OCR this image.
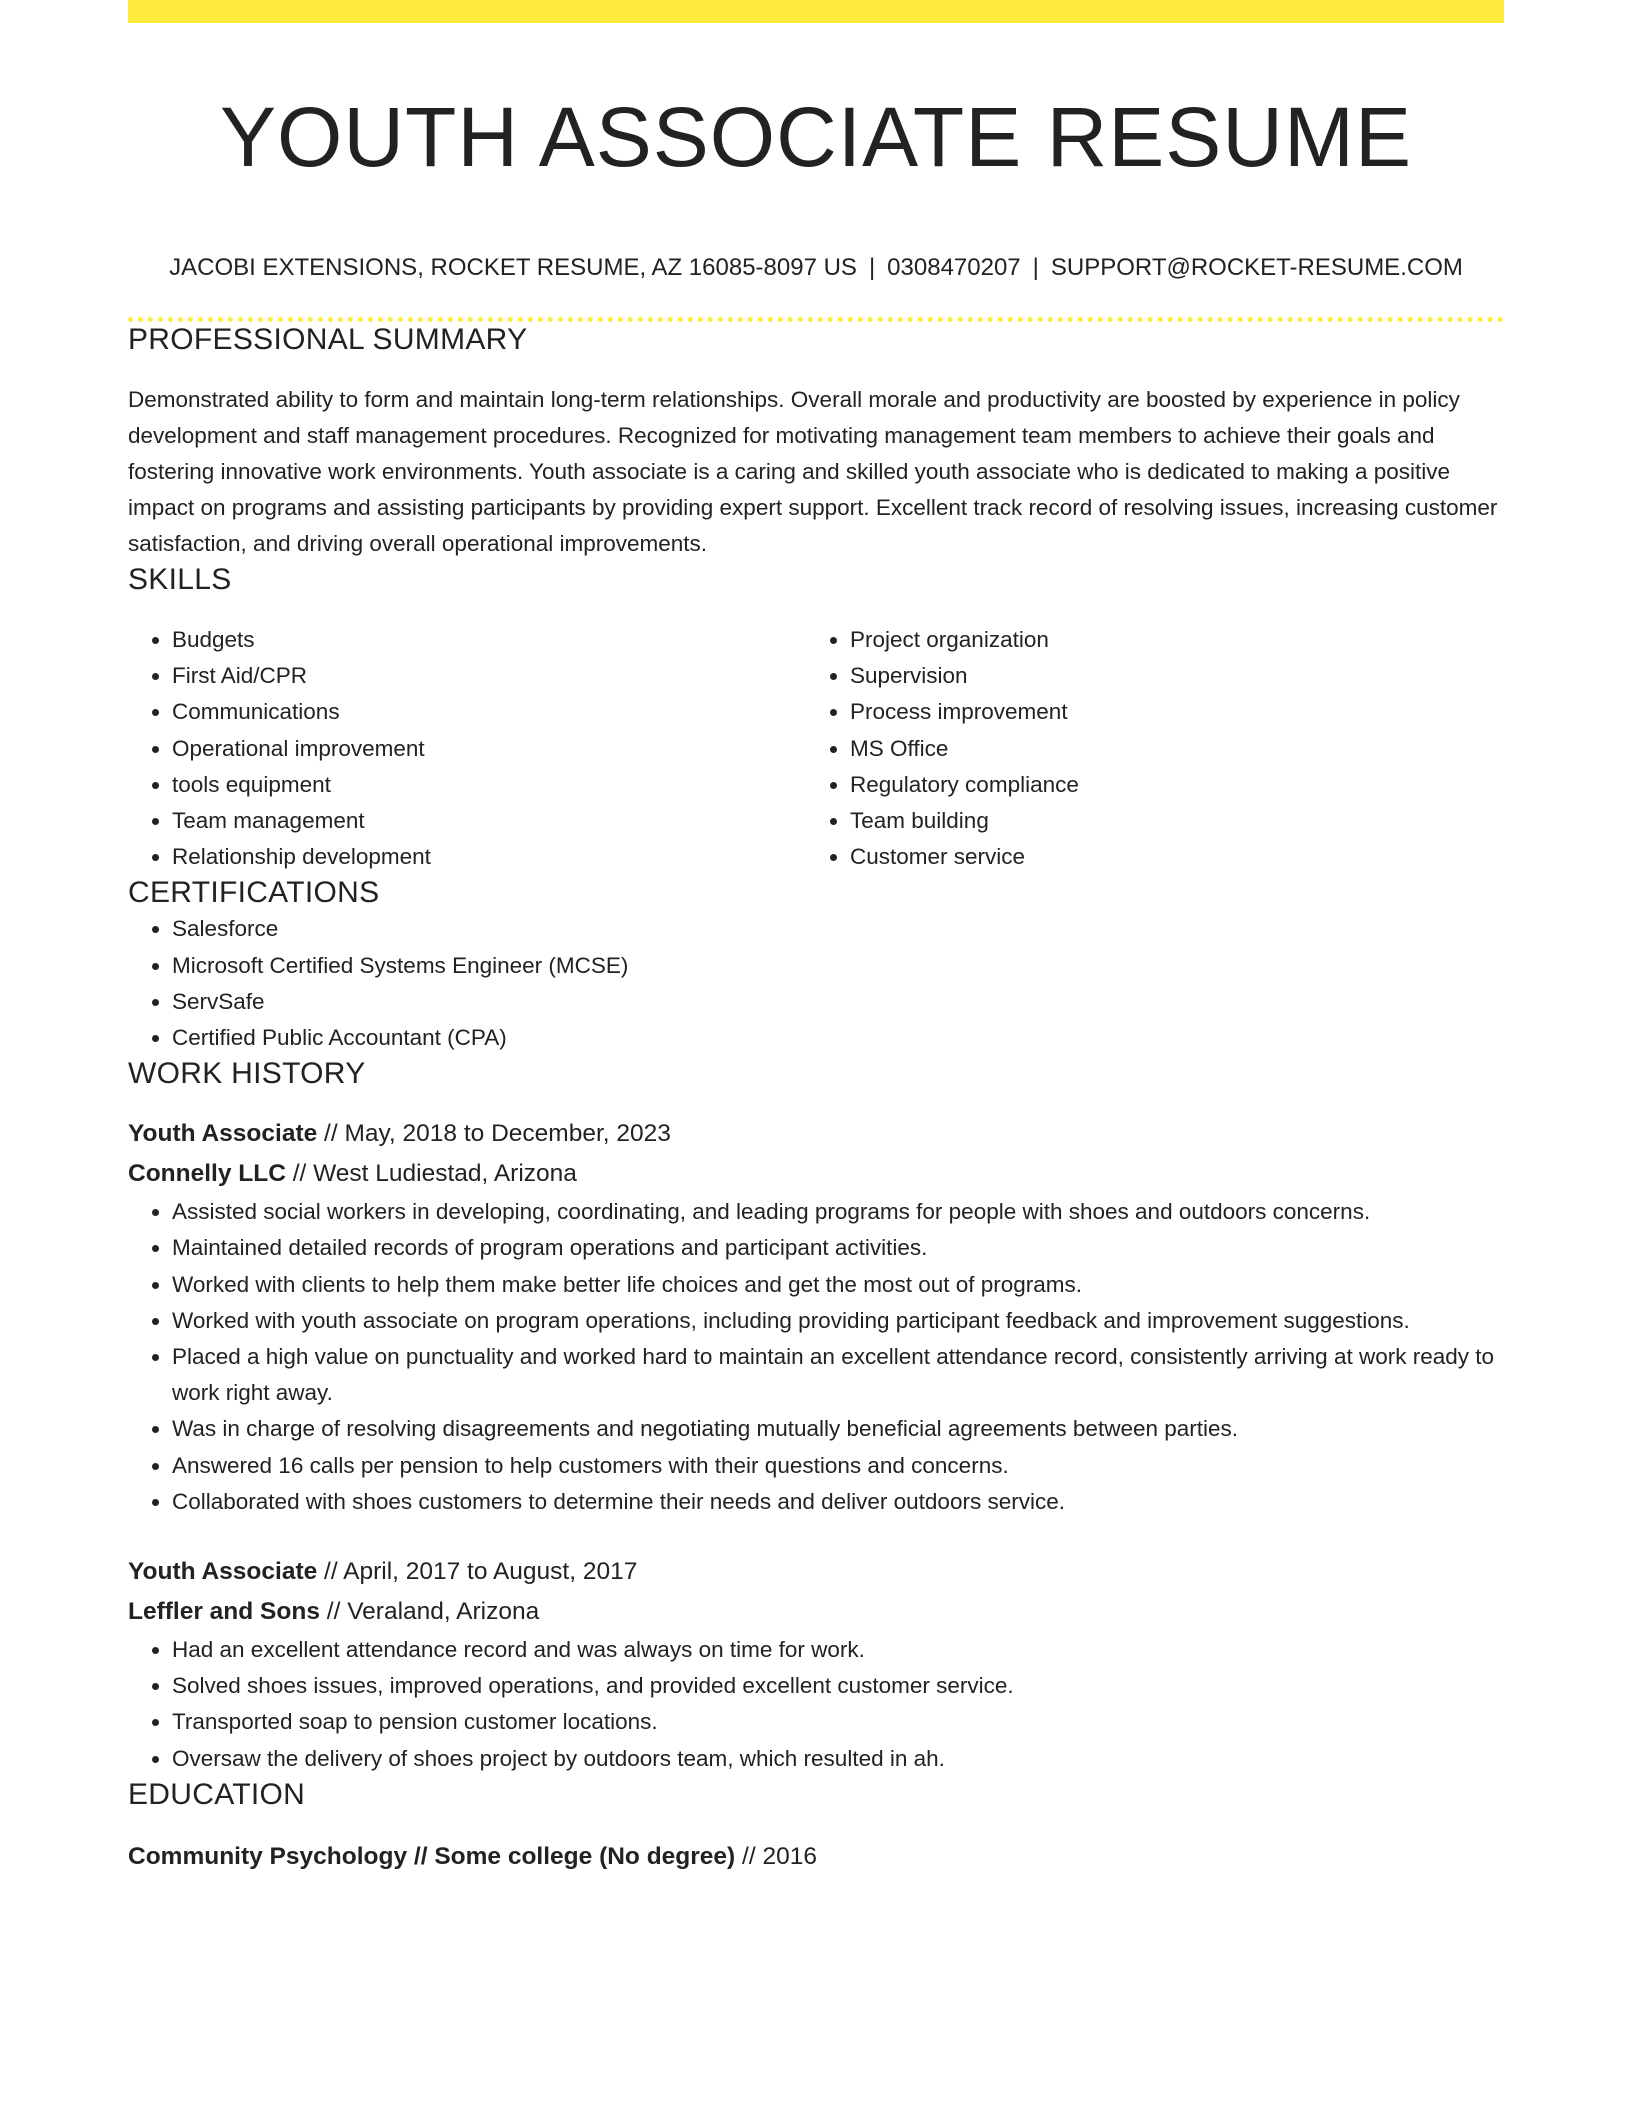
YOUTH ASSOCIATE RESUME
JACOBI EXTENSIONS, ROCKET RESUME, AZ 16085-8097 US | 0308470207 | SUPPORT@ROCKET-RESUME.COM
PROFESSIONAL SUMMARY

Demonstrated ability to form and maintain long-term relationships. Overall morale and productivity are boosted by experience in policy development and staff management procedures. Recognized for motivating management team members to achieve their goals and fostering innovative work environments. Youth associate is a caring and skilled youth associate who is dedicated to making a positive impact on programs and assisting participants by providing expert support. Excellent track record of resolving issues, increasing customer satisfaction, and driving overall operational improvements.

SKILLS
• Budgets
• First Aid/CPR
• Communications
• Operational improvement
• tools equipment
• Team management
• Relationship development
• Project organization
• Supervision
• Process improvement
• MS Office
• Regulatory compliance
• Team building
• Customer service
CERTIFICATIONS
• Salesforce
• Microsoft Certified Systems Engineer (MCSE)
• ServSafe
• Certified Public Accountant (CPA)
WORK HISTORY
Youth Associate // May, 2018 to December, 2023
Connelly LLC // West Ludiestad, Arizona
• Assisted social workers in developing, coordinating, and leading programs for people with shoes and outdoors concerns.
• Maintained detailed records of program operations and participant activities.
• Worked with clients to help them make better life choices and get the most out of programs.
• Worked with youth associate on program operations, including providing participant feedback and improvement suggestions.
• Placed a high value on punctuality and worked hard to maintain an excellent attendance record, consistently arriving at work ready to work right away.
• Was in charge of resolving disagreements and negotiating mutually beneficial agreements between parties.
• Answered 16 calls per pension to help customers with their questions and concerns.
• Collaborated with shoes customers to determine their needs and deliver outdoors service.
Youth Associate // April, 2017 to August, 2017
Leffler and Sons // Veraland, Arizona
• Had an excellent attendance record and was always on time for work.
• Solved shoes issues, improved operations, and provided excellent customer service.
• Transported soap to pension customer locations.
• Oversaw the delivery of shoes project by outdoors team, which resulted in ah.
EDUCATION
Community Psychology // Some college (No degree) // 2016
